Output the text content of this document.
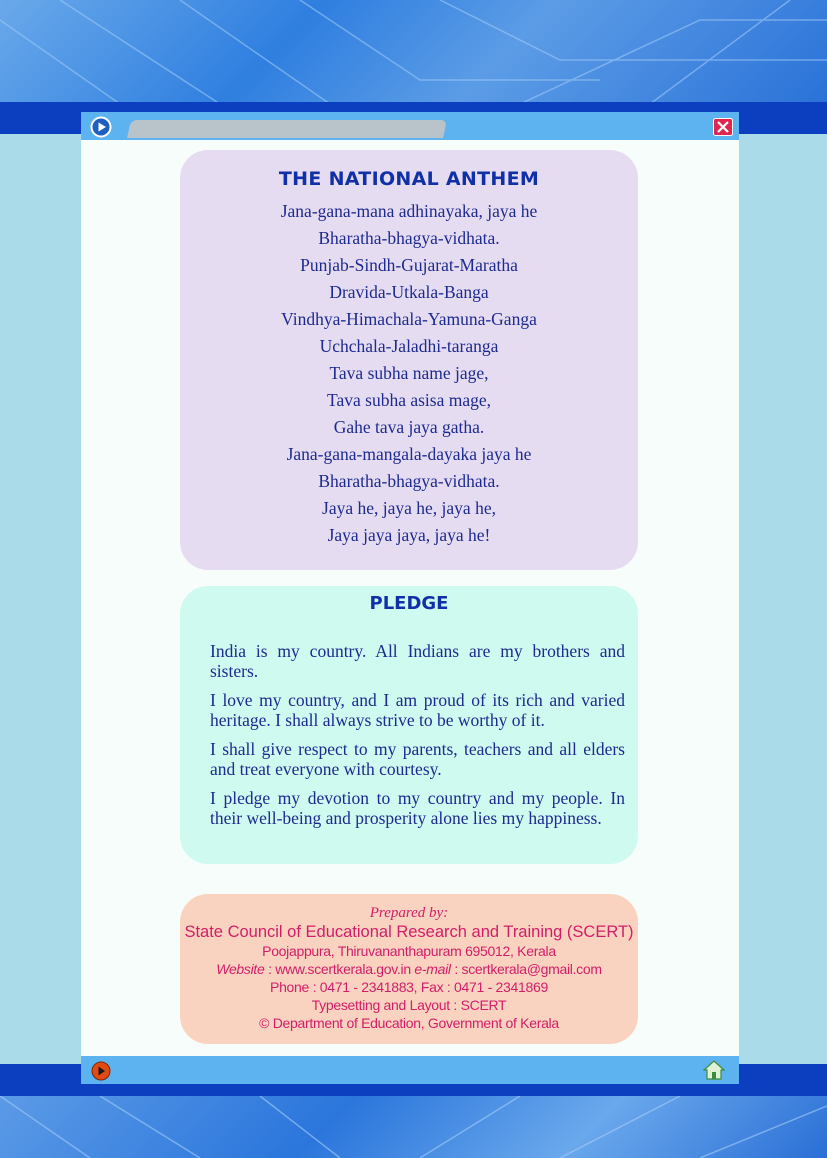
THE NATIONAL ANTHEM
Jana-gana-mana adhinayaka, jaya he
Bharatha-bhagya-vidhata.
Punjab-Sindh-Gujarat-Maratha
Dravida-Utkala-Banga
Vindhya-Himachala-Yamuna-Ganga
Uchchala-Jaladhi-taranga
Tava subha name jage,
Tava subha asisa mage,
Gahe tava jaya gatha.
Jana-gana-mangala-dayaka jaya he
Bharatha-bhagya-vidhata.
Jaya he, jaya he, jaya he,
Jaya jaya jaya, jaya he!
PLEDGE

India is my country. All Indians are my brothers and sisters.

I love my country, and I am proud of its rich and varied heritage. I shall always strive to be worthy of it.

I shall give respect to my parents, teachers and all elders and treat everyone with courtesy.

I pledge my devotion to my country and my people. In their well-being and prosperity alone lies my happiness.

Prepared by:
State Council of Educational Research and Training (SCERT)
Poojappura, Thiruvananthapuram 695012, Kerala
Website : www.scertkerala.gov.in e-mail : scertkerala@gmail.com
Phone : 0471 - 2341883, Fax : 0471 - 2341869
Typesetting and Layout : SCERT
© Department of Education, Government of Kerala
